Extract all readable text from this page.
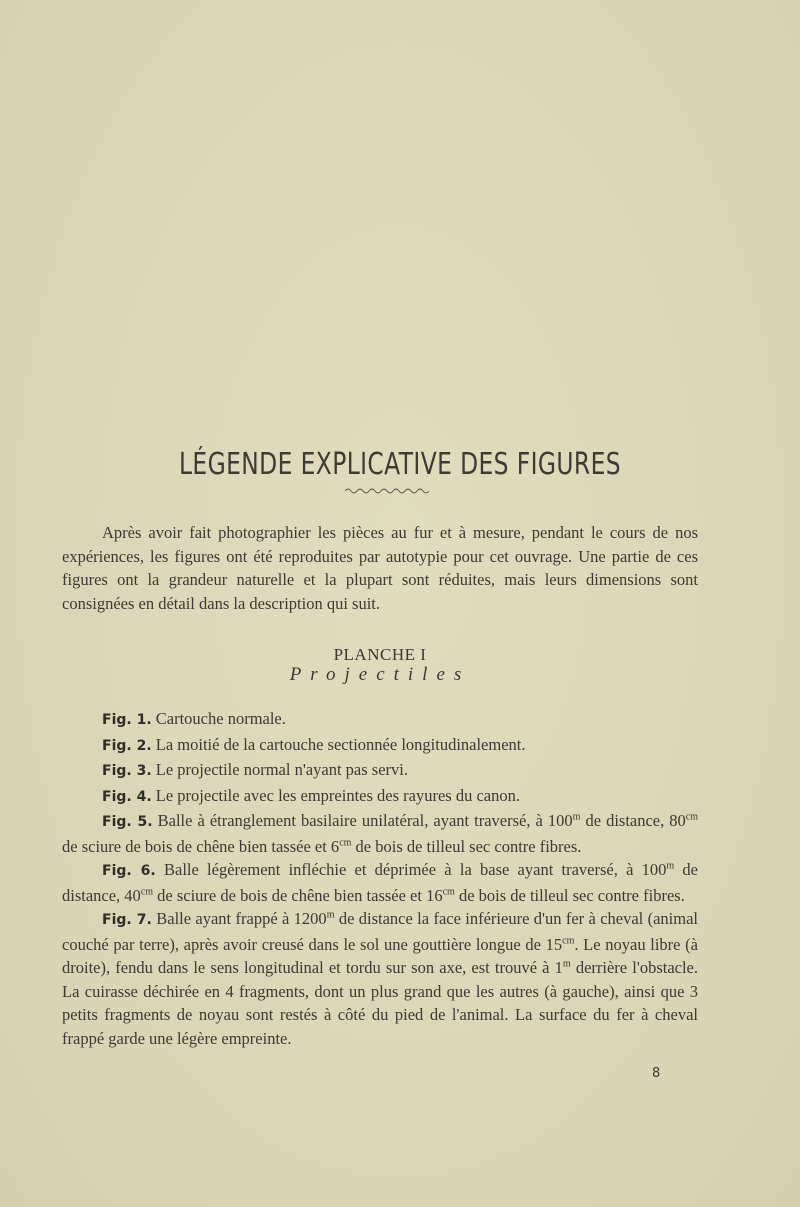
LÉGENDE EXPLICATIVE DES FIGURES

Après avoir fait photographier les pièces au fur et à mesure, pendant le cours de nos expériences, les figures ont été reproduites par autotypie pour cet ouvrage. Une partie de ces figures ont la grandeur naturelle et la plupart sont réduites, mais leurs dimensions sont consignées en détail dans la description qui suit.

PLANCHE I
Projectiles

Fig. 1. Cartouche normale.

Fig. 2. La moitié de la cartouche sectionnée longitudinalement.

Fig. 3. Le projectile normal n'ayant pas servi.

Fig. 4. Le projectile avec les empreintes des rayures du canon.

Fig. 5. Balle à étranglement basilaire unilatéral, ayant traversé, à 100$^m$ de distance, $80^{cm}$ de sciure de bois de chêne bien tassée et $6^{cm}$ de bois de tilleul sec contre fibres.

Fig. 6. Balle légèrement infléchie et déprimée à la base ayant traversé, à 100$^m$ de distance, $40^{cm}$ de sciure de bois de chêne bien tassée et $16^{cm}$ de bois de tilleul sec contre fibres.

Fig. 7. Balle ayant frappé à 1200$^m$ de distance la face inférieure d'un fer à cheval (animal couché par terre), après avoir creusé dans le sol une gouttière longue de $15^{cm}$. Le noyau libre (à droite), fendu dans le sens longitudinal et tordu sur son axe, est trouvé à 1$^m$ derrière l'obstacle. La cuirasse déchirée en 4 fragments, dont un plus grand que les autres (à gauche), ainsi que 3 petits fragments de noyau sont restés à côté du pied de l'animal. La surface du fer à cheval frappé garde une légère empreinte.

8
